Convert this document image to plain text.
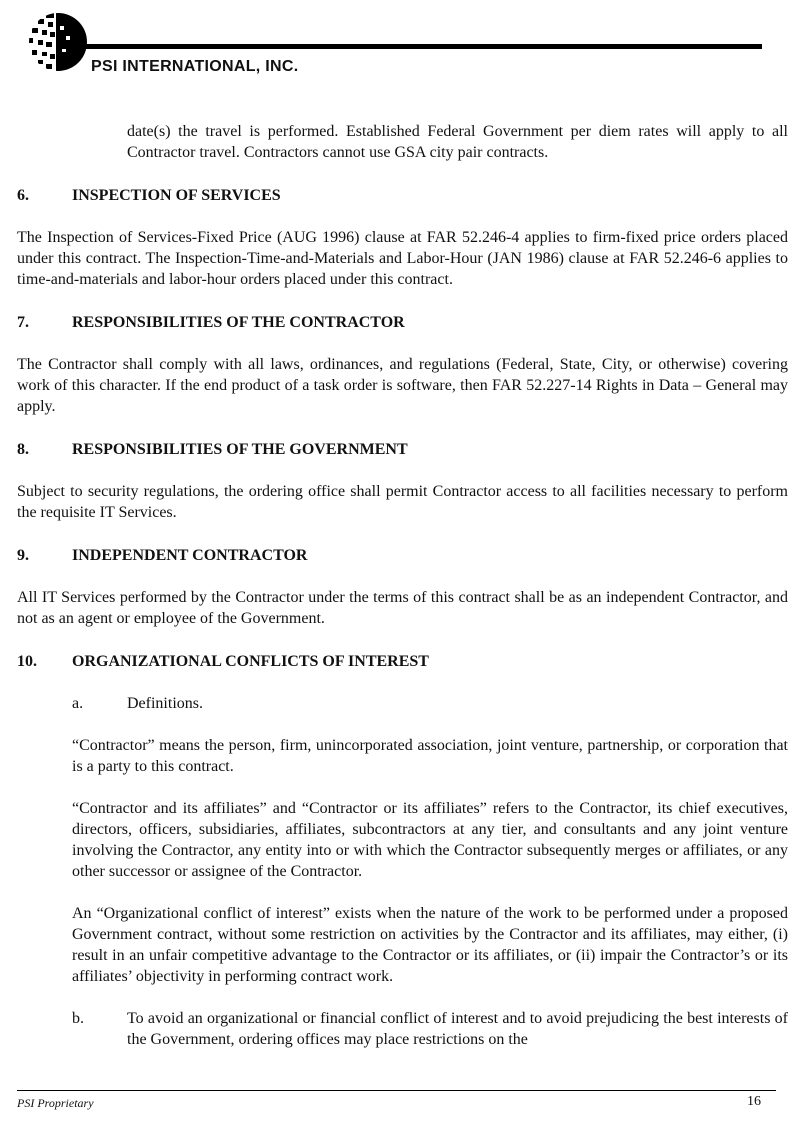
PSI INTERNATIONAL, INC.

date(s) the travel is performed. Established Federal Government per diem rates will apply to all Contractor travel. Contractors cannot use GSA city pair contracts.

6.	INSPECTION OF SERVICES

The Inspection of Services-Fixed Price (AUG 1996) clause at FAR 52.246-4 applies to firm-fixed price orders placed under this contract. The Inspection-Time-and-Materials and Labor-Hour (JAN 1986) clause at FAR 52.246-6 applies to time-and-materials and labor-hour orders placed under this contract.

7.	RESPONSIBILITIES OF THE CONTRACTOR

The Contractor shall comply with all laws, ordinances, and regulations (Federal, State, City, or otherwise) covering work of this character. If the end product of a task order is software, then FAR 52.227-14 Rights in Data – General may apply.

8.	RESPONSIBILITIES OF THE GOVERNMENT

Subject to security regulations, the ordering office shall permit Contractor access to all facilities necessary to perform the requisite IT Services.

9.	INDEPENDENT CONTRACTOR

All IT Services performed by the Contractor under the terms of this contract shall be as an independent Contractor, and not as an agent or employee of the Government.

10.	ORGANIZATIONAL CONFLICTS OF INTEREST
a.	Definitions.

“Contractor” means the person, firm, unincorporated association, joint venture, partnership, or corporation that is a party to this contract.

“Contractor and its affiliates” and “Contractor or its affiliates” refers to the Contractor, its chief executives, directors, officers, subsidiaries, affiliates, subcontractors at any tier, and consultants and any joint venture involving the Contractor, any entity into or with which the Contractor subsequently merges or affiliates, or any other successor or assignee of the Contractor.

An “Organizational conflict of interest” exists when the nature of the work to be performed under a proposed Government contract, without some restriction on activities by the Contractor and its affiliates, may either, (i) result in an unfair competitive advantage to the Contractor or its affiliates, or (ii) impair the Contractor’s or its affiliates’ objectivity in performing contract work.

b.	To avoid an organizational or financial conflict of interest and to avoid prejudicing the best interests of the Government, ordering offices may place restrictions on the
PSI Proprietary	16
